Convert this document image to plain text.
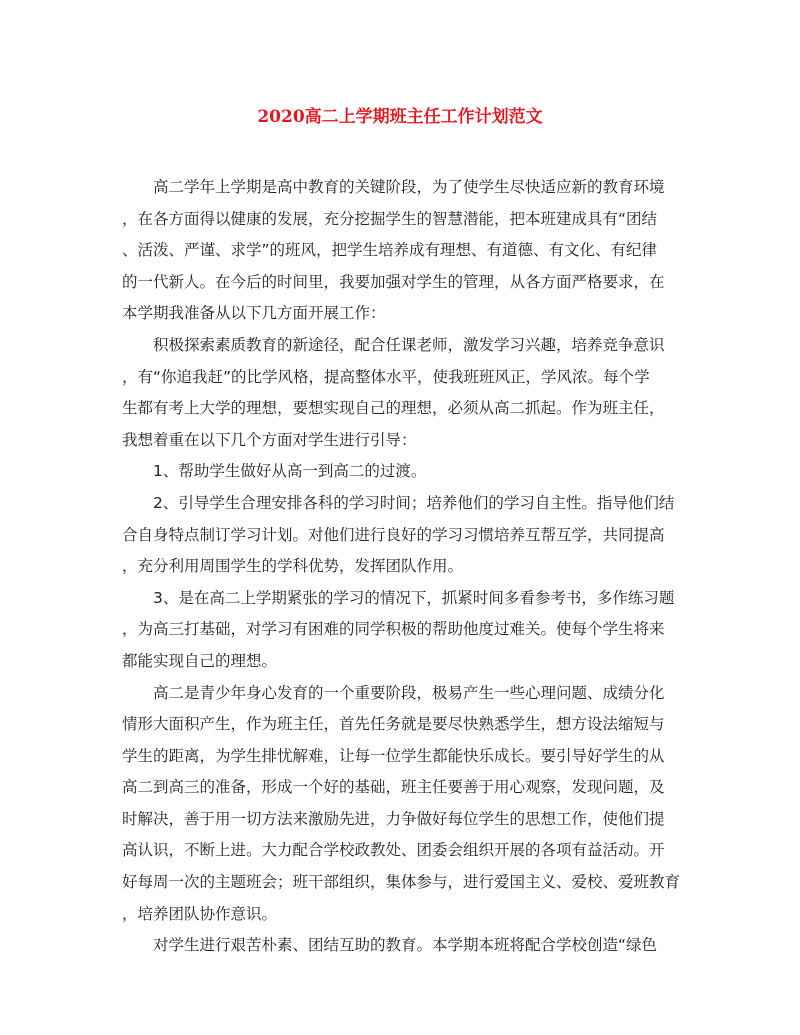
2020高二上学期班主任工作计划范文
高二学年上学期是高中教育的关键阶段，为了使学生尽快适应新的教育环境
，在各方面得以健康的发展，充分挖掘学生的智慧潜能，把本班建成具有“团结
、活泼、严谨、求学”的班风，把学生培养成有理想、有道德、有文化、有纪律
的一代新人。在今后的时间里，我要加强对学生的管理，从各方面严格要求，在
本学期我准备从以下几方面开展工作：
积极探索素质教育的新途径，配合任课老师，激发学习兴趣，培养竞争意识
，有“你追我赶”的比学风格，提高整体水平，使我班班风正，学风浓。每个学
生都有考上大学的理想，要想实现自己的理想，必须从高二抓起。作为班主任，
我想着重在以下几个方面对学生进行引导：
1、帮助学生做好从高一到高二的过渡。
2、引导学生合理安排各科的学习时间；培养他们的学习自主性。指导他们结
合自身特点制订学习计划。对他们进行良好的学习习惯培养互帮互学，共同提高
，充分利用周围学生的学科优势，发挥团队作用。
3、是在高二上学期紧张的学习的情况下，抓紧时间多看参考书，多作练习题
，为高三打基础，对学习有困难的同学积极的帮助他度过难关。使每个学生将来
都能实现自己的理想。
高二是青少年身心发育的一个重要阶段，极易产生一些心理问题、成绩分化
情形大面积产生，作为班主任，首先任务就是要尽快熟悉学生，想方设法缩短与
学生的距离，为学生排忧解难，让每一位学生都能快乐成长。要引导好学生的从
高二到高三的准备，形成一个好的基础，班主任要善于用心观察，发现问题，及
时解决，善于用一切方法来激励先进，力争做好每位学生的思想工作，使他们提
高认识，不断上进。大力配合学校政教处、团委会组织开展的各项有益活动。开
好每周一次的主题班会；班干部组织，集体参与，进行爱国主义、爱校、爱班教育
，培养团队协作意识。
对学生进行艰苦朴素、团结互助的教育。本学期本班将配合学校创造“绿色
